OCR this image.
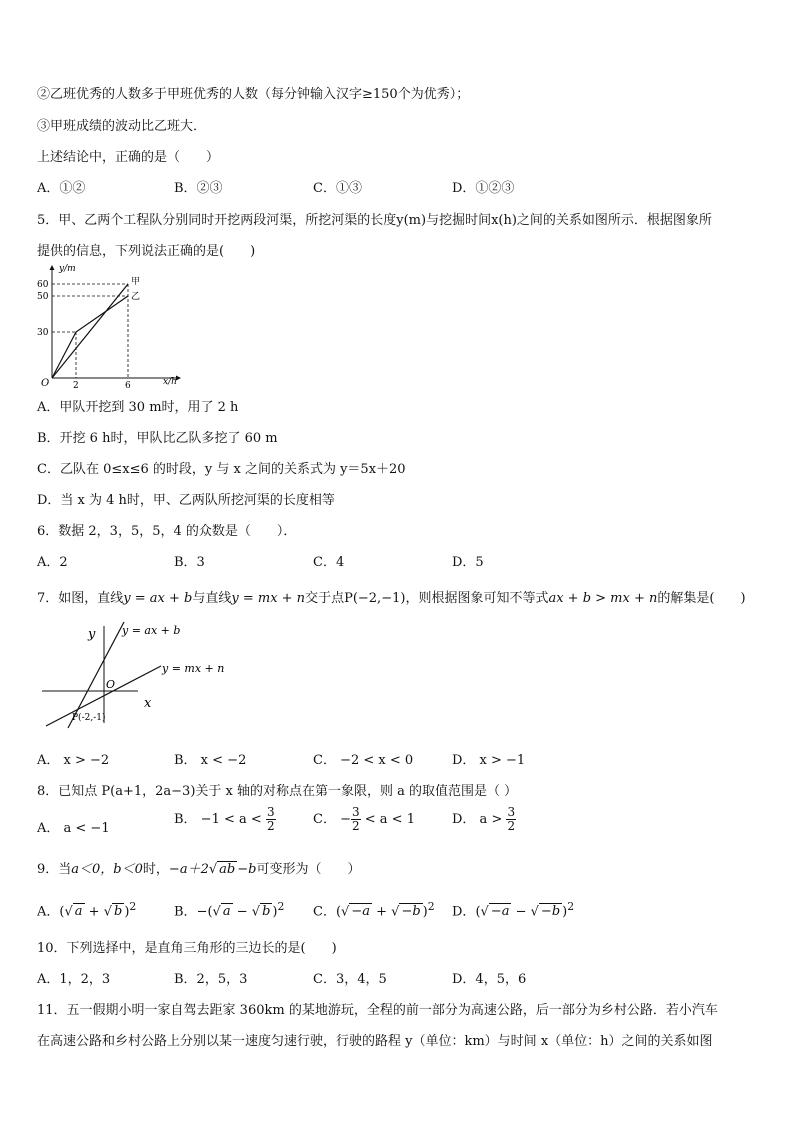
②乙班优秀的人数多于甲班优秀的人数（每分钟输入汉字≥150个为优秀）；
③甲班成绩的波动比乙班大．
上述结论中，正确的是（　　）
A．①②	B．②③	C．①③	D．①②③
5．甲、乙两个工程队分别同时开挖两段河渠，所挖河渠的长度y(m)与挖掘时间x(h)之间的关系如图所示．根据图象所
提供的信息，下列说法正确的是(　　)
y/m
x/h
O
60
50
30
2	6
甲
乙
A．甲队开挖到 30 m时，用了 2 h
B．开挖 6 h时，甲队比乙队多挖了 60 m
C．乙队在 0≤x≤6 的时段，y 与 x 之间的关系式为 y＝5x＋20
D．当 x 为 4 h时，甲、乙两队所挖河渠的长度相等
6．数据 2，3，5，5，4 的众数是（　　）．
A．2	B．3	C．4	D．5
7．如图，直线y = ax + b与直线y = mx + n交于点P(−2,−1)，则根据图象可知不等式ax + b > mx + n的解集是(　　)
y
x
O
y = ax + b
y = mx + n
P(-2,-1)
A． x > −2	B． x < −2	C． −2 < x < 0	D． x > −1
8．已知点 P(a+1，2a−3)关于 x 轴的对称点在第一象限，则 a 的取值范围是（ ）
A． a < −1
B． $-1 < a < \frac{3}{2}$	C． − $\frac{3}{2} < a < 1$	D． $a > \frac{3}{2}$
9．当a＜0，b＜0时，−a＋2√ ab −b可变形为（　　）
A．(√ a + √ b )$^2$	B．−(√ a − √ b )$^2$ C．(√ −a + √ −b )$^2$ D．(√ −a − √ −b )$^2$
10．下列选择中，是直角三角形的三边长的是(　　)
A．1，2，3	B．2，5，3	C．3，4，5	D．4，5，6
11．五一假期小明一家自驾去距家 360km 的某地游玩，全程的前一部分为高速公路，后一部分为乡村公路．若小汽车
在高速公路和乡村公路上分别以某一速度匀速行驶，行驶的路程 y（单位：km）与时间 x（单位：h）之间的关系如图
